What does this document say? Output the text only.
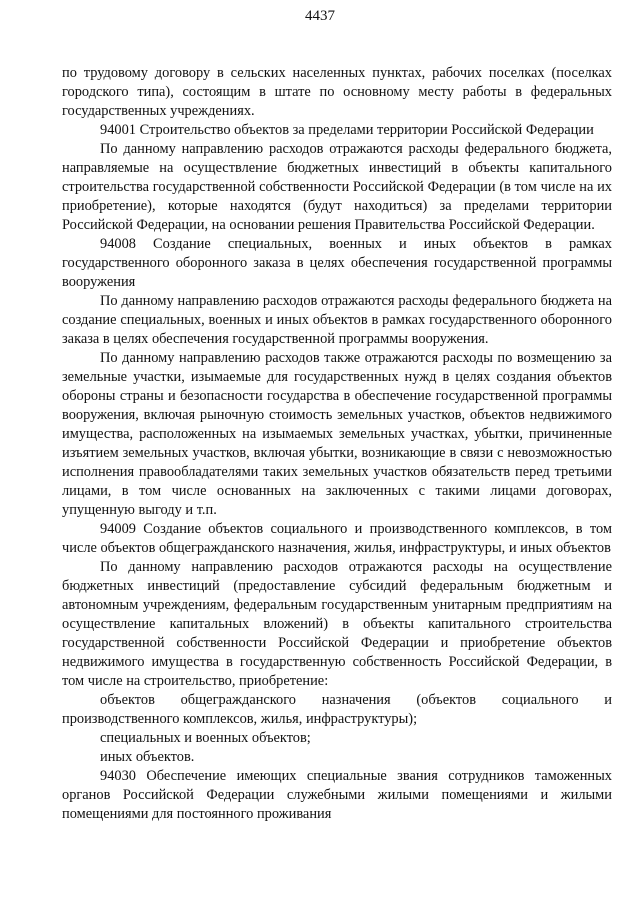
4437

по трудовому договору в сельских населенных пунктах, рабочих поселках (поселках городского типа), состоящим в штате по основному месту работы в федеральных государственных учреждениях.

94001 Строительство объектов за пределами территории Российской Федерации

По данному направлению расходов отражаются расходы федерального бюджета, направляемые на осуществление бюджетных инвестиций в объекты капитального строительства государственной собственности Российской Федерации (в том числе на их приобретение), которые находятся (будут находиться) за пределами территории Российской Федерации, на основании решения Правительства Российской Федерации.

94008 Создание специальных, военных и иных объектов в рамках государственного оборонного заказа в целях обеспечения государственной программы вооружения

По данному направлению расходов отражаются расходы федерального бюджета на создание специальных, военных и иных объектов в рамках государственного оборонного заказа в целях обеспечения государственной программы вооружения.

По данному направлению расходов также отражаются расходы по возмещению за земельные участки, изымаемые для государственных нужд в целях создания объектов обороны страны и безопасности государства в обеспечение государственной программы вооружения, включая рыночную стоимость земельных участков, объектов недвижимого имущества, расположенных на изымаемых земельных участках, убытки, причиненные изъятием земельных участков, включая убытки, возникающие в связи с невозможностью исполнения правообладателями таких земельных участков обязательств перед третьими лицами, в том числе основанных на заключенных с такими лицами договорах, упущенную выгоду и т.п.

94009 Создание объектов социального и производственного комплексов, в том числе объектов общегражданского назначения, жилья, инфраструктуры, и иных объектов

По данному направлению расходов отражаются расходы на осуществление бюджетных инвестиций (предоставление субсидий федеральным бюджетным и автономным учреждениям, федеральным государственным унитарным предприятиям на осуществление капитальных вложений) в объекты капитального строительства государственной собственности Российской Федерации и приобретение объектов недвижимого имущества в государственную собственность Российской Федерации, в том числе на строительство, приобретение:

объектов общегражданского назначения (объектов социального и производственного комплексов, жилья, инфраструктуры);

специальных и военных объектов;

иных объектов.

94030 Обеспечение имеющих специальные звания сотрудников таможенных органов Российской Федерации служебными жилыми помещениями и жилыми помещениями для постоянного проживания
